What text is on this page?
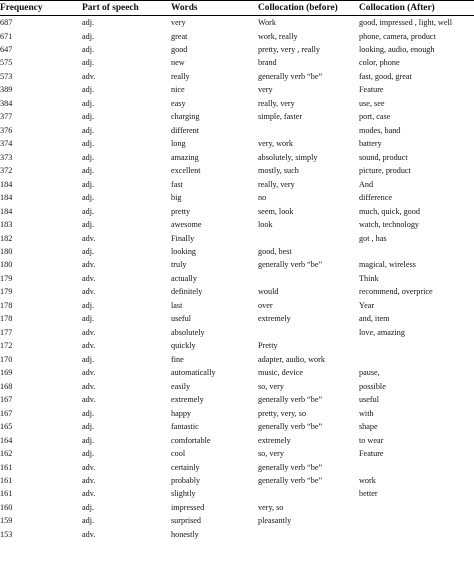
Frequency	Part of speech	Words	Collocation (before)	Collocation (After)
687	adj.	very	Work	good, impressed , light, well
671	adj.	great	work, really	phone, camera, product
647	adj.	good	pretty, very , really	looking, audio, enough
575	adj.	new	brand	color, phone
573	adv.	really	generally verb “be”	fast, good, great
389	adj.	nice	very	Feature
384	adj.	easy	really, very	use, see
377	adj.	charging	simple, faster	port, case
376	adj.	different		modes, band
374	adj.	long	very, work	battery
373	adj.	amazing	absolutely, simply	sound, product
372	adj.	excellent	mostly, such	picture, product
184	adj.	fast	really, very	And
184	adj.	big	no	difference
184	adj.	pretty	seem, look	much, quick, good
183	adj.	awesome	look	watch, technology
182	adv.	Finally		got , has
180	adj.	looking	good, best	
180	adv.	truly	generally verb “be”	magical, wireless
179	adv.	actually		Think
179	adv.	definitely	would	recommend, overprice
178	adj.	last	over	Year
178	adj.	useful	extremely	and, item
177	adv.	absolutely		love, amazing
172	adv.	quickly	Pretty	
170	adj.	fine	adapter, audio, work	
169	adv.	automatically	music, device	pause,
168	adv.	easily	so, very	possible
167	adv.	extremely	generally verb “be”	useful
167	adj.	happy	pretty, very, so	with
165	adj.	fantastic	generally verb “be”	shape
164	adj.	comfortable	extremely	to wear
162	adj.	cool	so, very	Feature
161	adv.	certainly	generally verb “be”	
161	adv.	probably	generally verb “be”	work
161	adv.	slightly		better
160	adj.	impressed	very, so	
159	adj.	surprised	pleasantly	
153	adv.	honestly		
